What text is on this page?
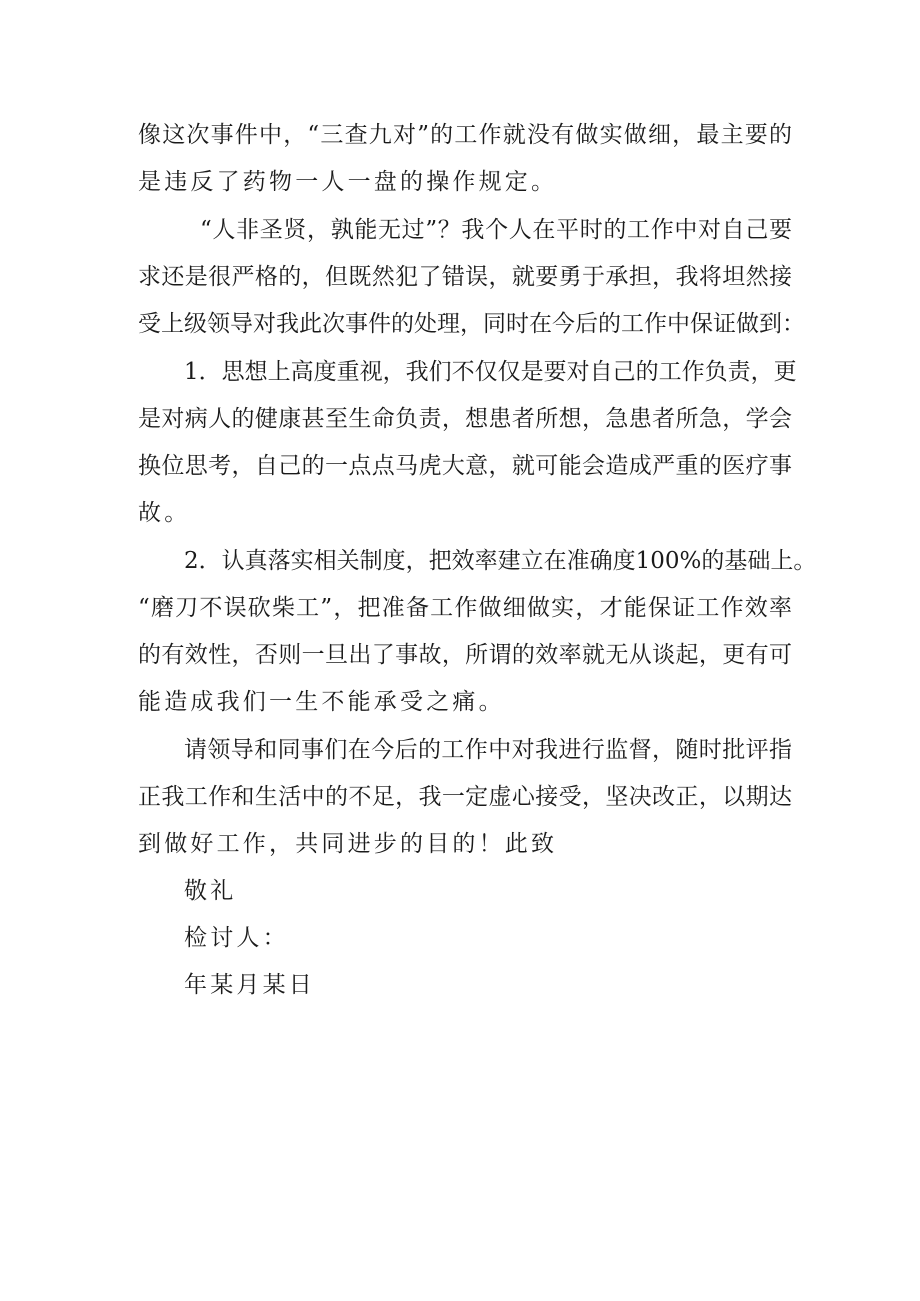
像这次事件中，“三查九对”的工作就没有做实做细，最主要的
是违反了药物一人一盘的操作规定。
“人非圣贤，孰能无过”？我个人在平时的工作中对自己要
求还是很严格的，但既然犯了错误，就要勇于承担，我将坦然接
受上级领导对我此次事件的处理，同时在今后的工作中保证做到：
1．思想上高度重视，我们不仅仅是要对自己的工作负责，更
是对病人的健康甚至生命负责，想患者所想，急患者所急，学会
换位思考，自己的一点点马虎大意，就可能会造成严重的医疗事
故。
2．认真落实相关制度，把效率建立在准确度100%的基础上。
“磨刀不误砍柴工”，把准备工作做细做实，才能保证工作效率
的有效性，否则一旦出了事故，所谓的效率就无从谈起，更有可
能造成我们一生不能承受之痛。
请领导和同事们在今后的工作中对我进行监督，随时批评指
正我工作和生活中的不足，我一定虚心接受，坚决改正，以期达
到做好工作，共同进步的目的！此致
敬礼
检讨人：
年某月某日
